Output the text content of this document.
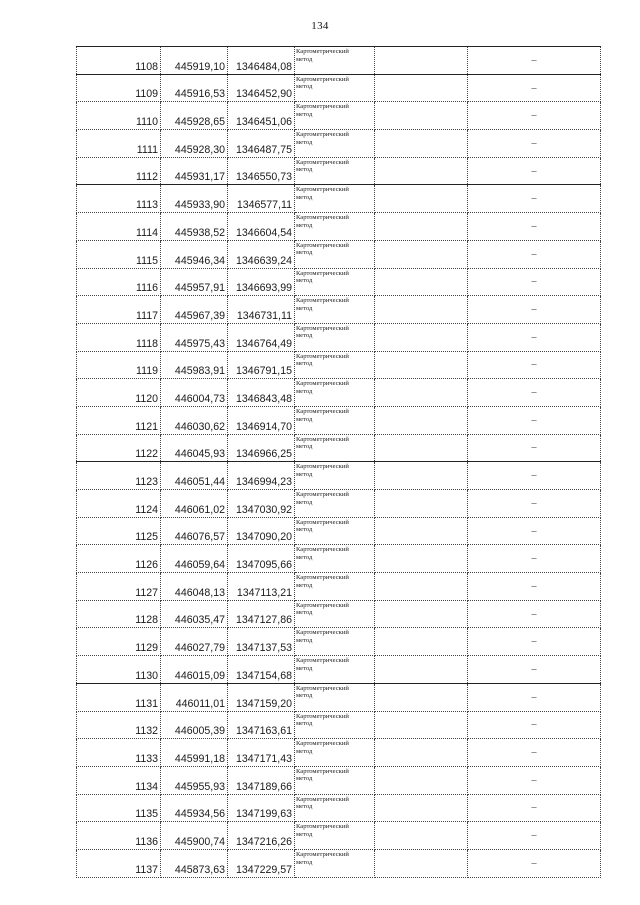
134
1108	445919,10	1346484,08	Картометрический
метод		–
1109	445916,53	1346452,90	Картометрический
метод		–
1110	445928,65	1346451,06	Картометрический
метод		–
1111	445928,30	1346487,75	Картометрический
метод		–
1112	445931,17	1346550,73	Картометрический
метод		–
1113	445933,90	1346577,11	Картометрический
метод		–
1114	445938,52	1346604,54	Картометрический
метод		–
1115	445946,34	1346639,24	Картометрический
метод		–
1116	445957,91	1346693,99	Картометрический
метод		–
1117	445967,39	1346731,11	Картометрический
метод		–
1118	445975,43	1346764,49	Картометрический
метод		–
1119	445983,91	1346791,15	Картометрический
метод		–
1120	446004,73	1346843,48	Картометрический
метод		–
1121	446030,62	1346914,70	Картометрический
метод		–
1122	446045,93	1346966,25	Картометрический
метод		–
1123	446051,44	1346994,23	Картометрический
метод		–
1124	446061,02	1347030,92	Картометрический
метод		–
1125	446076,57	1347090,20	Картометрический
метод		–
1126	446059,64	1347095,66	Картометрический
метод		–
1127	446048,13	1347113,21	Картометрический
метод		–
1128	446035,47	1347127,86	Картометрический
метод		–
1129	446027,79	1347137,53	Картометрический
метод		–
1130	446015,09	1347154,68	Картометрический
метод		–
1131	446011,01	1347159,20	Картометрический
метод		–
1132	446005,39	1347163,61	Картометрический
метод		–
1133	445991,18	1347171,43	Картометрический
метод		–
1134	445955,93	1347189,66	Картометрический
метод		–
1135	445934,56	1347199,63	Картометрический
метод		–
1136	445900,74	1347216,26	Картометрический
метод		–
1137	445873,63	1347229,57	Картометрический
метод		–
